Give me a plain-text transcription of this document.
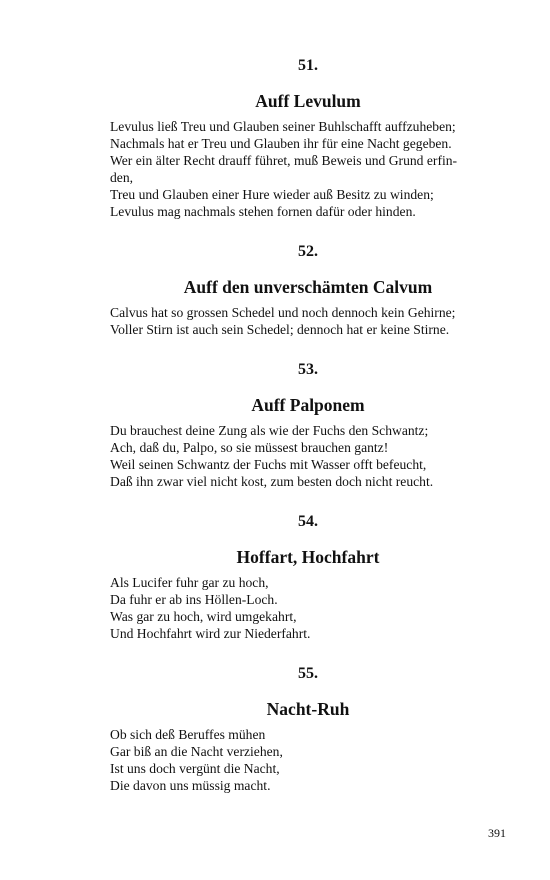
51.
Auff Levulum
Levulus ließ Treu und Glauben seiner Buhlschafft auffzuheben;
Nachmals hat er Treu und Glauben ihr für eine Nacht gegeben.
Wer ein älter Recht drauff führet, muß Beweis und Grund erfin-
den,
Treu und Glauben einer Hure wieder auß Besitz zu winden;
Levulus mag nachmals stehen fornen dafür oder hinden.
52.
Auff den unverschämten Calvum
Calvus hat so grossen Schedel und noch dennoch kein Gehirne;
Voller Stirn ist auch sein Schedel; dennoch hat er keine Stirne.
53.
Auff Palponem
Du brauchest deine Zung als wie der Fuchs den Schwantz;
Ach, daß du, Palpo, so sie müssest brauchen gantz!
Weil seinen Schwantz der Fuchs mit Wasser offt befeucht,
Daß ihn zwar viel nicht kost, zum besten doch nicht reucht.
54.
Hoffart, Hochfahrt
Als Lucifer fuhr gar zu hoch,
Da fuhr er ab ins Höllen-Loch.
Was gar zu hoch, wird umgekahrt,
Und Hochfahrt wird zur Niederfahrt.
55.
Nacht-Ruh
Ob sich deß Beruffes mühen
Gar biß an die Nacht verziehen,
Ist uns doch vergünt die Nacht,
Die davon uns müssig macht.
391
